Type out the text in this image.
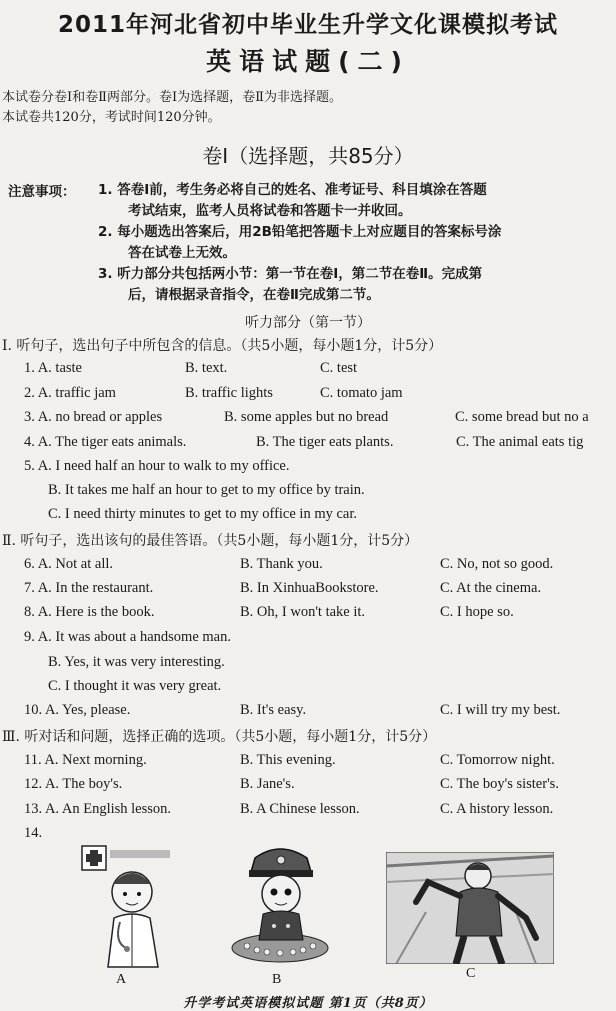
2011年河北省初中毕业生升学文化课模拟考试
英语试题(二)
本试卷分卷Ⅰ和卷Ⅱ两部分。卷Ⅰ为选择题，卷Ⅱ为非选择题。
本试卷共120分，考试时间120分钟。
卷Ⅰ（选择题，共85分）
注意事项： 1. 答卷Ⅰ前，考生务必将自己的姓名、准考证号、科目填涂在答题
考试结束，监考人员将试卷和答题卡一并收回。
2. 每小题选出答案后，用2B铅笔把答题卡上对应题目的答案标号涂
答在试卷上无效。
3. 听力部分共包括两小节：第一节在卷Ⅰ，第二节在卷Ⅱ。完成第
后，请根据录音指令，在卷Ⅱ完成第二节。
听力部分（第一节）
Ⅰ. 听句子，选出句子中所包含的信息。（共5小题，每小题1分，计5分）
1. A. taste	B. text.	C. test
2. A. traffic jam	B. traffic lights	C. tomato jam
3. A. no bread or apples	B. some apples but no bread	C. some bread but no a
4. A. The tiger eats animals.	B. The tiger eats plants.	C. The animal eats tig
5. A. I need half an hour to walk to my office.
B. It takes me half an hour to get to my office by train.
C. I need thirty minutes to get to my office in my car.
Ⅱ. 听句子，选出该句的最佳答语。（共5小题，每小题1分，计5分）
6. A. Not at all.	B. Thank you.	C. No, not so good.
7. A. In the restaurant.	B. In XinhuaBookstore.	C. At the cinema.
8. A. Here is the book.	B. Oh, I won't take it.	C. I hope so.
9. A. It was about a handsome man.
B. Yes, it was very interesting.
C. I thought it was very great.
10. A. Yes, please.	B. It's easy.	C. I will try my best.
Ⅲ. 听对话和问题，选择正确的选项。（共5小题，每小题1分，计5分）
11. A. Next morning.	B. This evening.	C. Tomorrow night.
12. A. The boy's.	B. Jane's.	C. The boy's sister's.
13. A. An English lesson.	B. A Chinese lesson.	C. A history lesson.
14.
A	B	C
升学考试英语模拟试题 第1页（共8页）
